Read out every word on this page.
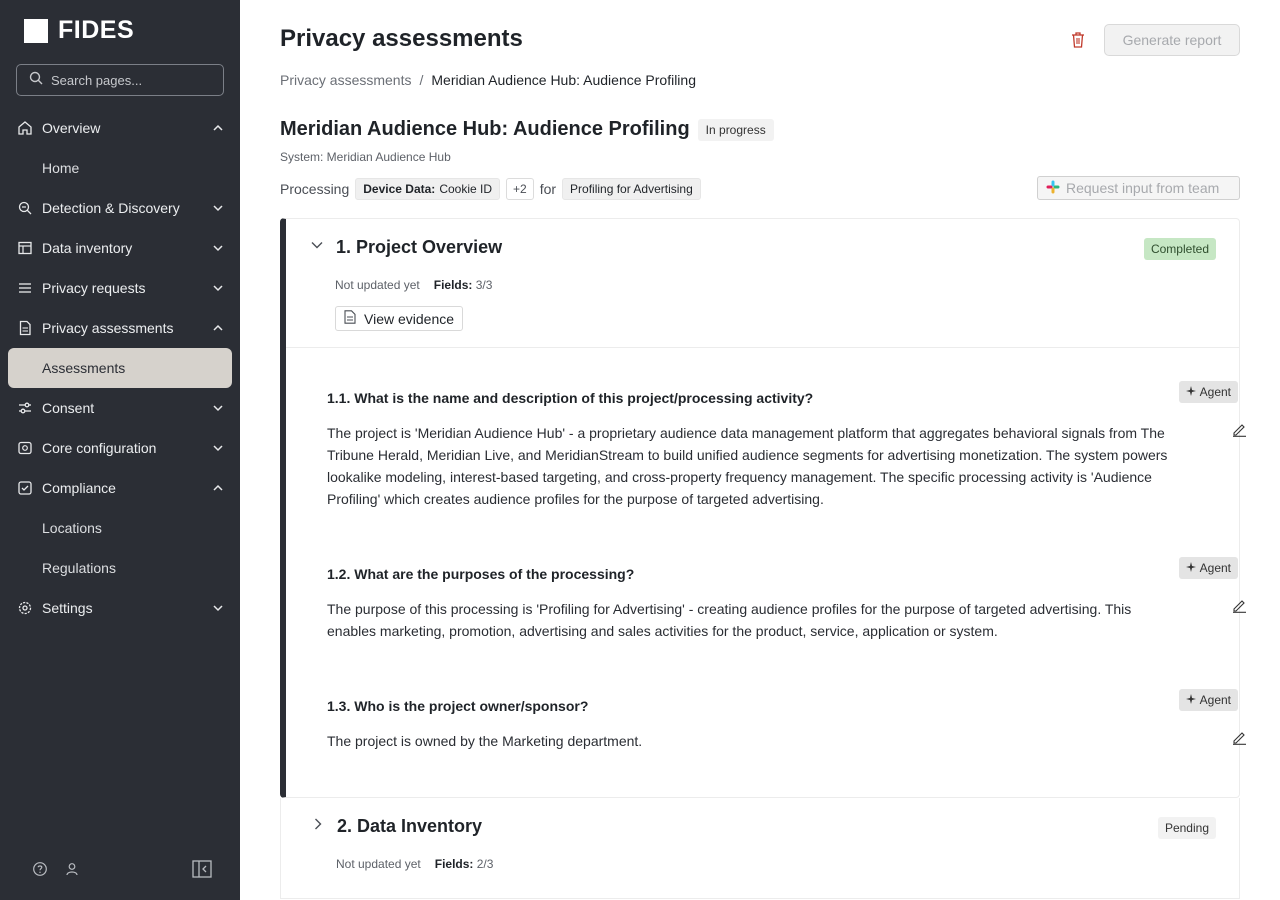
FIDES
Search pages...
Overview
Home
Detection & Discovery
Data inventory
Privacy requests
Privacy assessments
Assessments
Consent
Core configuration
Compliance
Locations
Regulations
Settings
Privacy assessments	Generate report
Privacy assessments / Meridian Audience Hub: Audience Profiling
Meridian Audience Hub: Audience Profiling	In progress
System: Meridian Audience Hub
Processing	Device Data: Cookie ID	+2 for	Profiling for Advertising	Request input from team
1. Project Overview	Completed
Not updated yet Fields: 3/3
View evidence
1.1. What is the name and description of this project/processing activity?	Agent
The project is 'Meridian Audience Hub' - a proprietary audience data management platform that aggregates behavioral signals from The Tribune Herald, Meridian Live, and MeridianStream to build unified audience segments for advertising monetization. The system powers lookalike modeling, interest-based targeting, and cross-property frequency management. The specific processing activity is 'Audience Profiling' which creates audience profiles for the purpose of targeted advertising.
1.2. What are the purposes of the processing?	Agent
The purpose of this processing is 'Profiling for Advertising' - creating audience profiles for the purpose of targeted advertising. This enables marketing, promotion, advertising and sales activities for the product, service, application or system.
1.3. Who is the project owner/sponsor?	Agent
The project is owned by the Marketing department.
2. Data Inventory	Pending
Not updated yet Fields: 2/3
